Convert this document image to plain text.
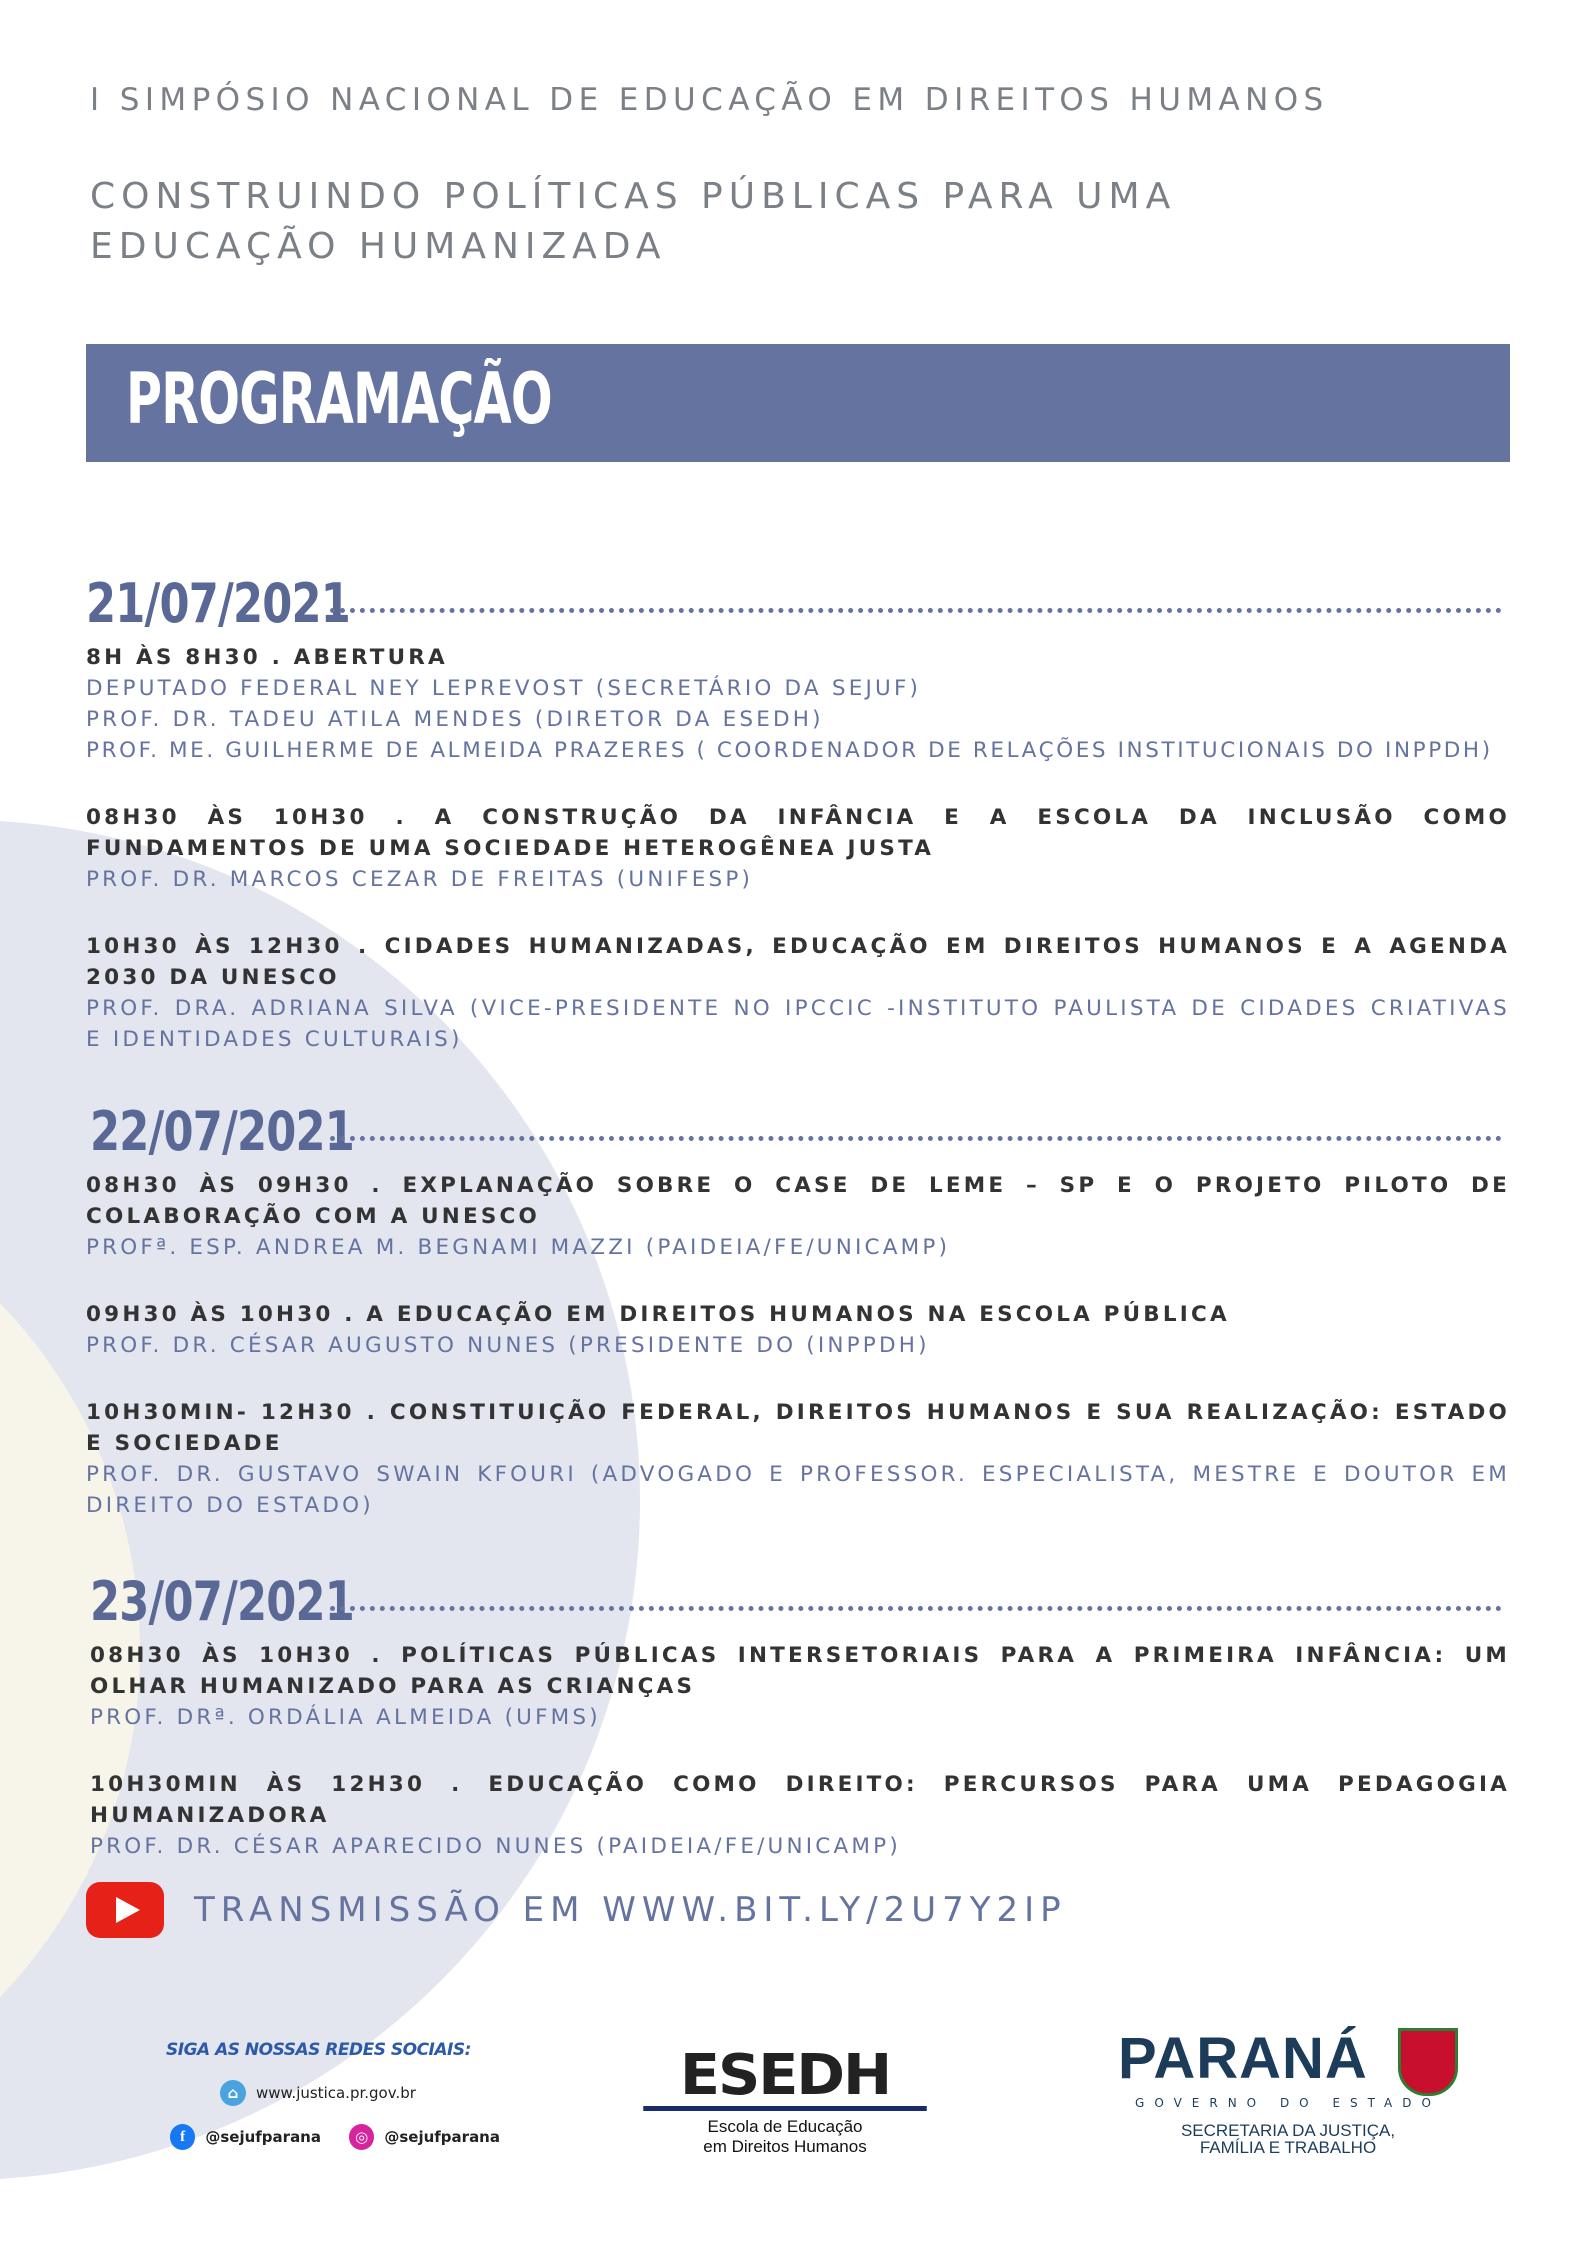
I SIMPÓSIO NACIONAL DE EDUCAÇÃO EM DIREITOS HUMANOS
CONSTRUINDO POLÍTICAS PÚBLICAS PARA UMA
EDUCAÇÃO HUMANIZADA
PROGRAMAÇÃO
21/07/2021
8H ÀS 8H30 . ABERTURA
DEPUTADO FEDERAL NEY LEPREVOST (SECRETÁRIO DA SEJUF)
PROF. DR. TADEU ATILA MENDES (DIRETOR DA ESEDH)
PROF. ME. GUILHERME DE ALMEIDA PRAZERES ( COORDENADOR DE RELAÇÕES INSTITUCIONAIS DO INPPDH)
08H30 ÀS 10H30 . A CONSTRUÇÃO DA INFÂNCIA E A ESCOLA DA INCLUSÃO COMO FUNDAMENTOS DE UMA SOCIEDADE HETEROGÊNEA JUSTA
PROF. DR. MARCOS CEZAR DE FREITAS (UNIFESP)
10H30 ÀS 12H30 . CIDADES HUMANIZADAS, EDUCAÇÃO EM DIREITOS HUMANOS E A AGENDA 2030 DA UNESCO
PROF. DRA. ADRIANA SILVA (VICE-PRESIDENTE NO IPCCIC -INSTITUTO PAULISTA DE CIDADES CRIATIVAS E IDENTIDADES CULTURAIS)
22/07/2021
08H30 ÀS 09H30 . EXPLANAÇÃO SOBRE O CASE DE LEME – SP E O PROJETO PILOTO DE COLABORAÇÃO COM A UNESCO
PROFª. ESP. ANDREA M. BEGNAMI MAZZI (PAIDEIA/FE/UNICAMP)
09H30 ÀS 10H30 . A EDUCAÇÃO EM DIREITOS HUMANOS NA ESCOLA PÚBLICA
PROF. DR. CÉSAR AUGUSTO NUNES (PRESIDENTE DO (INPPDH)
10H30MIN- 12H30 . CONSTITUIÇÃO FEDERAL, DIREITOS HUMANOS E SUA REALIZAÇÃO: ESTADO E SOCIEDADE
PROF. DR. GUSTAVO SWAIN KFOURI (ADVOGADO E PROFESSOR. ESPECIALISTA, MESTRE E DOUTOR EM DIREITO DO ESTADO)
23/07/2021
08H30 ÀS 10H30 . POLÍTICAS PÚBLICAS INTERSETORIAIS PARA A PRIMEIRA INFÂNCIA: UM OLHAR HUMANIZADO PARA AS CRIANÇAS
PROF. DRª. ORDÁLIA ALMEIDA (UFMS)
10H30MIN ÀS 12H30 . EDUCAÇÃO COMO DIREITO: PERCURSOS PARA UMA PEDAGOGIA HUMANIZADORA
PROF. DR. CÉSAR APARECIDO NUNES (PAIDEIA/FE/UNICAMP)
TRANSMISSÃO EM WWW.BIT.LY/2U7Y2IP
SIGA AS NOSSAS REDES SOCIAIS:
⌂	www.justica.pr.gov.br
f	@sejufparana	◎	@sejufparana
ESEDH
Escola de Educação
em Direitos Humanos
PARANÁ
GOVERNO DO ESTADO
SECRETARIA DA JUSTIÇA,
FAMÍLIA E TRABALHO
